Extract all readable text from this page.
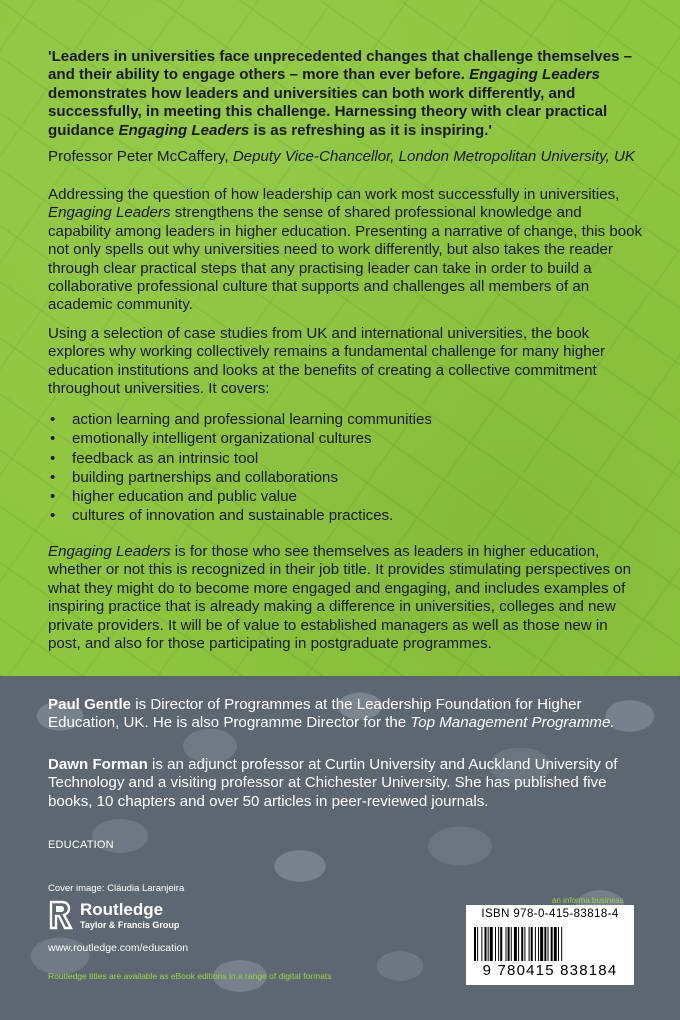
'Leaders in universities face unprecedented changes that challenge themselves – and their ability to engage others – more than ever before. Engaging Leaders demonstrates how leaders and universities can both work differently, and successfully, in meeting this challenge. Harnessing theory with clear practical guidance Engaging Leaders is as refreshing as it is inspiring.'
Professor Peter McCaffery, Deputy Vice-Chancellor, London Metropolitan University, UK
Addressing the question of how leadership can work most successfully in universities, Engaging Leaders strengthens the sense of shared professional knowledge and capability among leaders in higher education. Presenting a narrative of change, this book not only spells out why universities need to work differently, but also takes the reader through clear practical steps that any practising leader can take in order to build a collaborative professional culture that supports and challenges all members of an academic community.
Using a selection of case studies from UK and international universities, the book explores why working collectively remains a fundamental challenge for many higher education institutions and looks at the benefits of creating a collective commitment throughout universities. It covers:
• action learning and professional learning communities
• emotionally intelligent organizational cultures
• feedback as an intrinsic tool
• building partnerships and collaborations
• higher education and public value
• cultures of innovation and sustainable practices.
Engaging Leaders is for those who see themselves as leaders in higher education, whether or not this is recognized in their job title. It provides stimulating perspectives on what they might do to become more engaged and engaging, and includes examples of inspiring practice that is already making a difference in universities, colleges and new private providers. It will be of value to established managers as well as those new in post, and also for those participating in postgraduate programmes.
Paul Gentle is Director of Programmes at the Leadership Foundation for Higher Education, UK. He is also Programme Director for the Top Management Programme.
Dawn Forman is an adjunct professor at Curtin University and Auckland University of Technology and a visiting professor at Chichester University. She has published five books, 10 chapters and over 50 articles in peer-reviewed journals.
EDUCATION
Cover image: Cláudia Laranjeira
Routledge
Taylor & Francis Group
www.routledge.com/education
Routledge titles are available as eBook editions in a range of digital formats
an informa business
ISBN 978-0-415-83818-4
9 780415 838184
